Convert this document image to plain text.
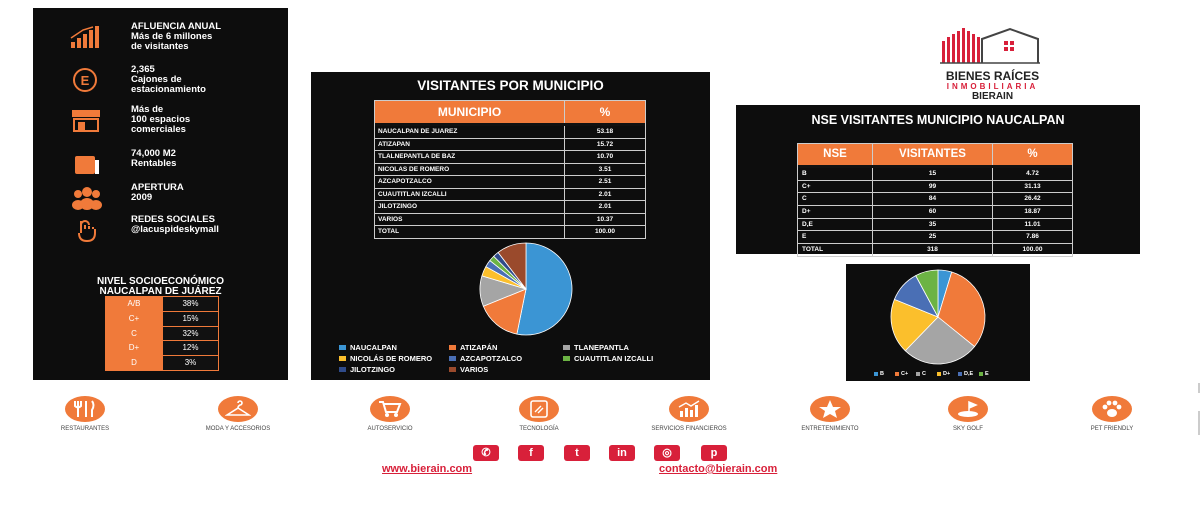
AFLUENCIA ANUAL
Más de 6 millones
de visitantes
E
2,365
Cajones de
estacionamiento
Más de
100 espacios
comerciales
74,000 M2
Rentables
APERTURA
2009
REDES SOCIALES
@lacuspideskymall
NIVEL SOCIOECONÓMICO
NAUCALPAN DE JUÁREZ
A/B	38%
C+	15%
C	32%
D+	12%
D	3%
VISITANTES POR MUNICIPIO
MUNICIPIO	%
NAUCALPAN DE JUAREZ	53.18
ATIZAPAN	15.72
TLALNEPANTLA DE BAZ	10.70
NICOLAS DE ROMERO	3.51
AZCAPOTZALCO	2.51
CUAUTITLAN IZCALLI	2.01
JILOTZINGO	2.01
VARIOS	10.37
TOTAL	100.00
NAUCALPAN	ATIZAPÁN	TLANEPANTLA
NICOLÁS DE ROMERO	AZCAPOTZALCO	CUAUTITLAN IZCALLI
JILOTZINGO	VARIOS
BIENES RAÍCES
INMOBILIARIA
BIERAIN
NSE VISITANTES MUNICIPIO NAUCALPAN
NSE	VISITANTES	%
B	15	4.72
C+	99	31.13
C	84	26.42
D+	60	18.87
D,E	35	11.01
E	25	7.86
TOTAL	318	100.00
B	C+	C	D+	D,E E
RESTAURANTES	MODA Y ACCESORIOS	AUTOSERVICIO	TECNOLOGÍA	SERVICIOS FINANCIEROS	ENTRETENIMIENTO	SKY GOLF	PET FRIENDLY
✆	f	t	in	◎	p
www.bierain.com	contacto@bierain.com
